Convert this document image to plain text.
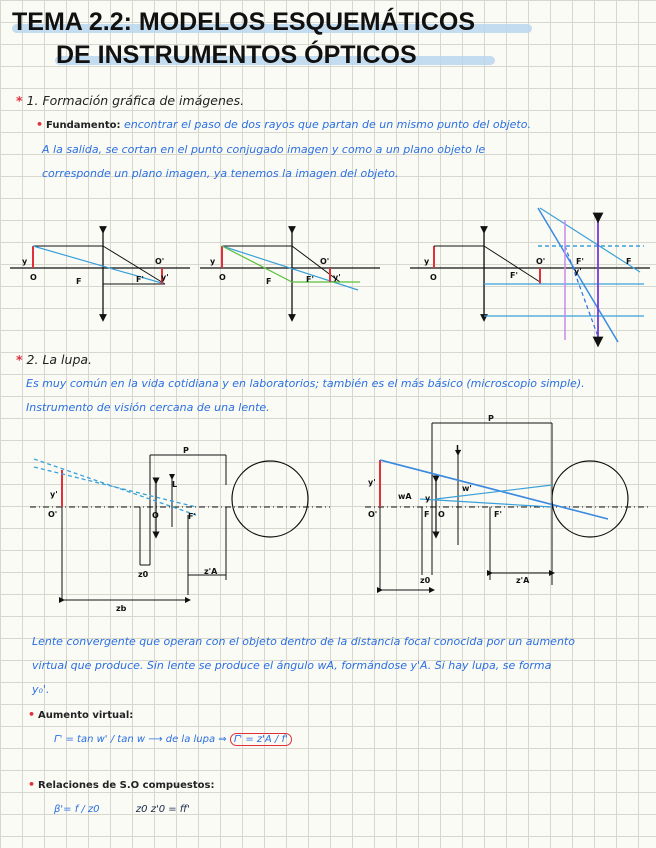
TEMA 2.2: MODELOS ESQUEMÁTICOS
DE INSTRUMENTOS ÓPTICOS
* 1. Formación gráfica de imágenes.
• Fundamento: encontrar el paso de dos rayos que partan de un mismo punto del objeto.
A la salida, se cortan en el punto conjugado imagen y como a un plano objeto le
corresponde un plano imagen, ya tenemos la imagen del objeto.
y
O	F	F'
O'
y'
y
O	F	F'
O'
y'
y
O	F'
O'	F'
y'
F
* 2. La lupa.
Es muy común en la vida cotidiana y en laboratorios; también es el más básico (microscopio simple).
Instrumento de visión cercana de una lente.
y'
O'
P
L
O	F'
z0	z'A
zb
y'
O'
P
L
wA
w'
y
F O	F'
z0	z'A
Lente convergente que operan con el objeto dentro de la distancia focal conocida por un aumento
virtual que produce. Sin lente se produce el ángulo wA, formándose y'A. Si hay lupa, se forma
y₀'.
• Aumento virtual:
Γ' = tan w' / tan w ⟶ de la lupa ⇒ Γ' = z'A / f'
• Relaciones de S.O compuestos:
β'= f / z0	z0 z'0 = ff'
